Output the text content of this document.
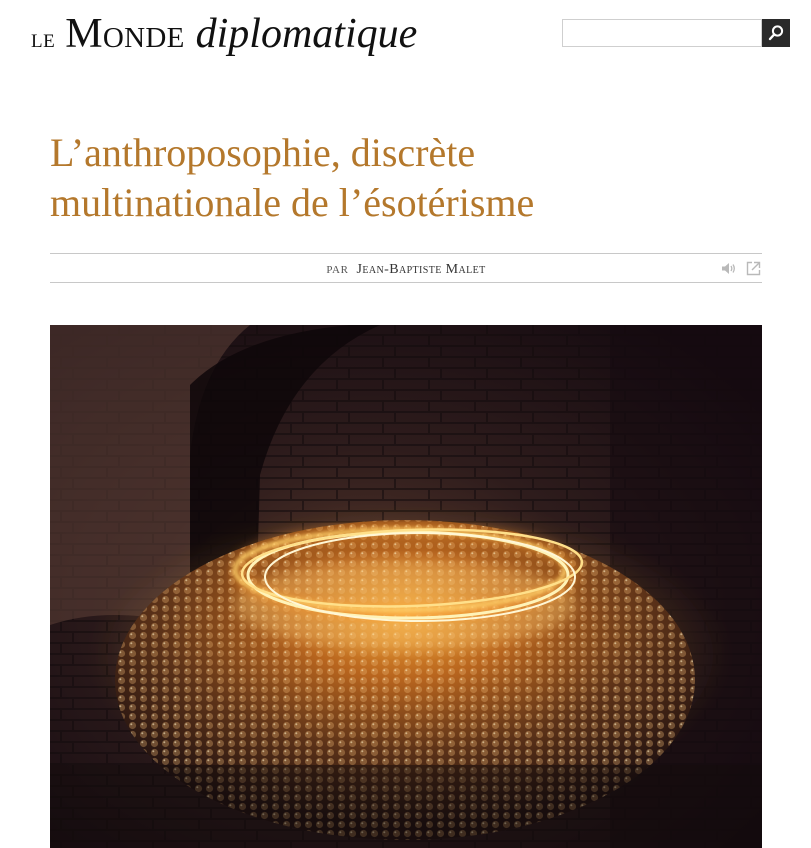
LE Monde diplomatique
L’anthroposophie, discrète
multinationale de l’ésotérisme
PAR Jean-Baptiste Malet
